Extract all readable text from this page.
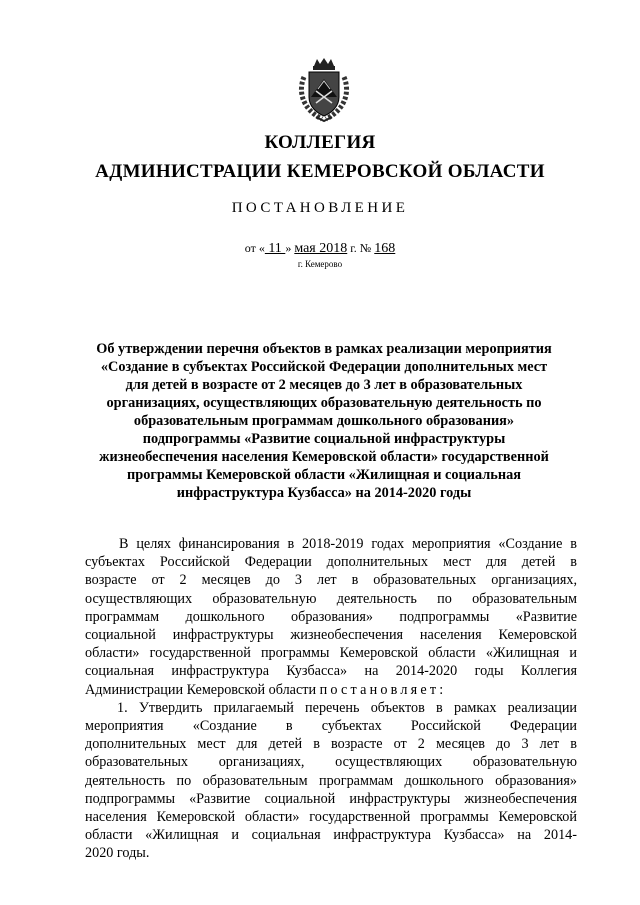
КОЛЛЕГИЯ
АДМИНИСТРАЦИИ КЕМЕРОВСКОЙ ОБЛАСТИ
ПОСТАНОВЛЕНИЕ
от « 11 » мая 2018 г. № 168
г. Кемерово
Об утверждении перечня объектов в рамках реализации мероприятия
«Создание в субъектах Российской Федерации дополнительных мест
для детей в возрасте от 2 месяцев до 3 лет в образовательных
организациях, осуществляющих образовательную деятельность по
образовательным программам дошкольного образования»
подпрограммы «Развитие социальной инфраструктуры
жизнеобеспечения населения Кемеровской области» государственной
программы Кемеровской области «Жилищная и социальная
инфраструктура Кузбасса» на 2014-2020 годы
В целях финансирования в 2018-2019 годах мероприятия «Создание в
субъектах Российской Федерации дополнительных мест для детей в
возрасте от 2 месяцев до 3 лет в образовательных организациях,
осуществляющих образовательную деятельность по образовательным
программам дошкольного образования» подпрограммы «Развитие
социальной инфраструктуры жизнеобеспечения населения Кемеровской
области» государственной программы Кемеровской области «Жилищная и
социальная инфраструктура Кузбасса» на 2014-2020 годы Коллегия
Администрации Кемеровской области постановляет:
1. Утвердить прилагаемый перечень объектов в рамках реализации
мероприятия «Создание в субъектах Российской Федерации
дополнительных мест для детей в возрасте от 2 месяцев до 3 лет в
образовательных организациях, осуществляющих образовательную
деятельность по образовательным программам дошкольного образования»
подпрограммы «Развитие социальной инфраструктуры жизнеобеспечения
населения Кемеровской области» государственной программы Кемеровской
области «Жилищная и социальная инфраструктура Кузбасса» на 2014-
2020 годы.
